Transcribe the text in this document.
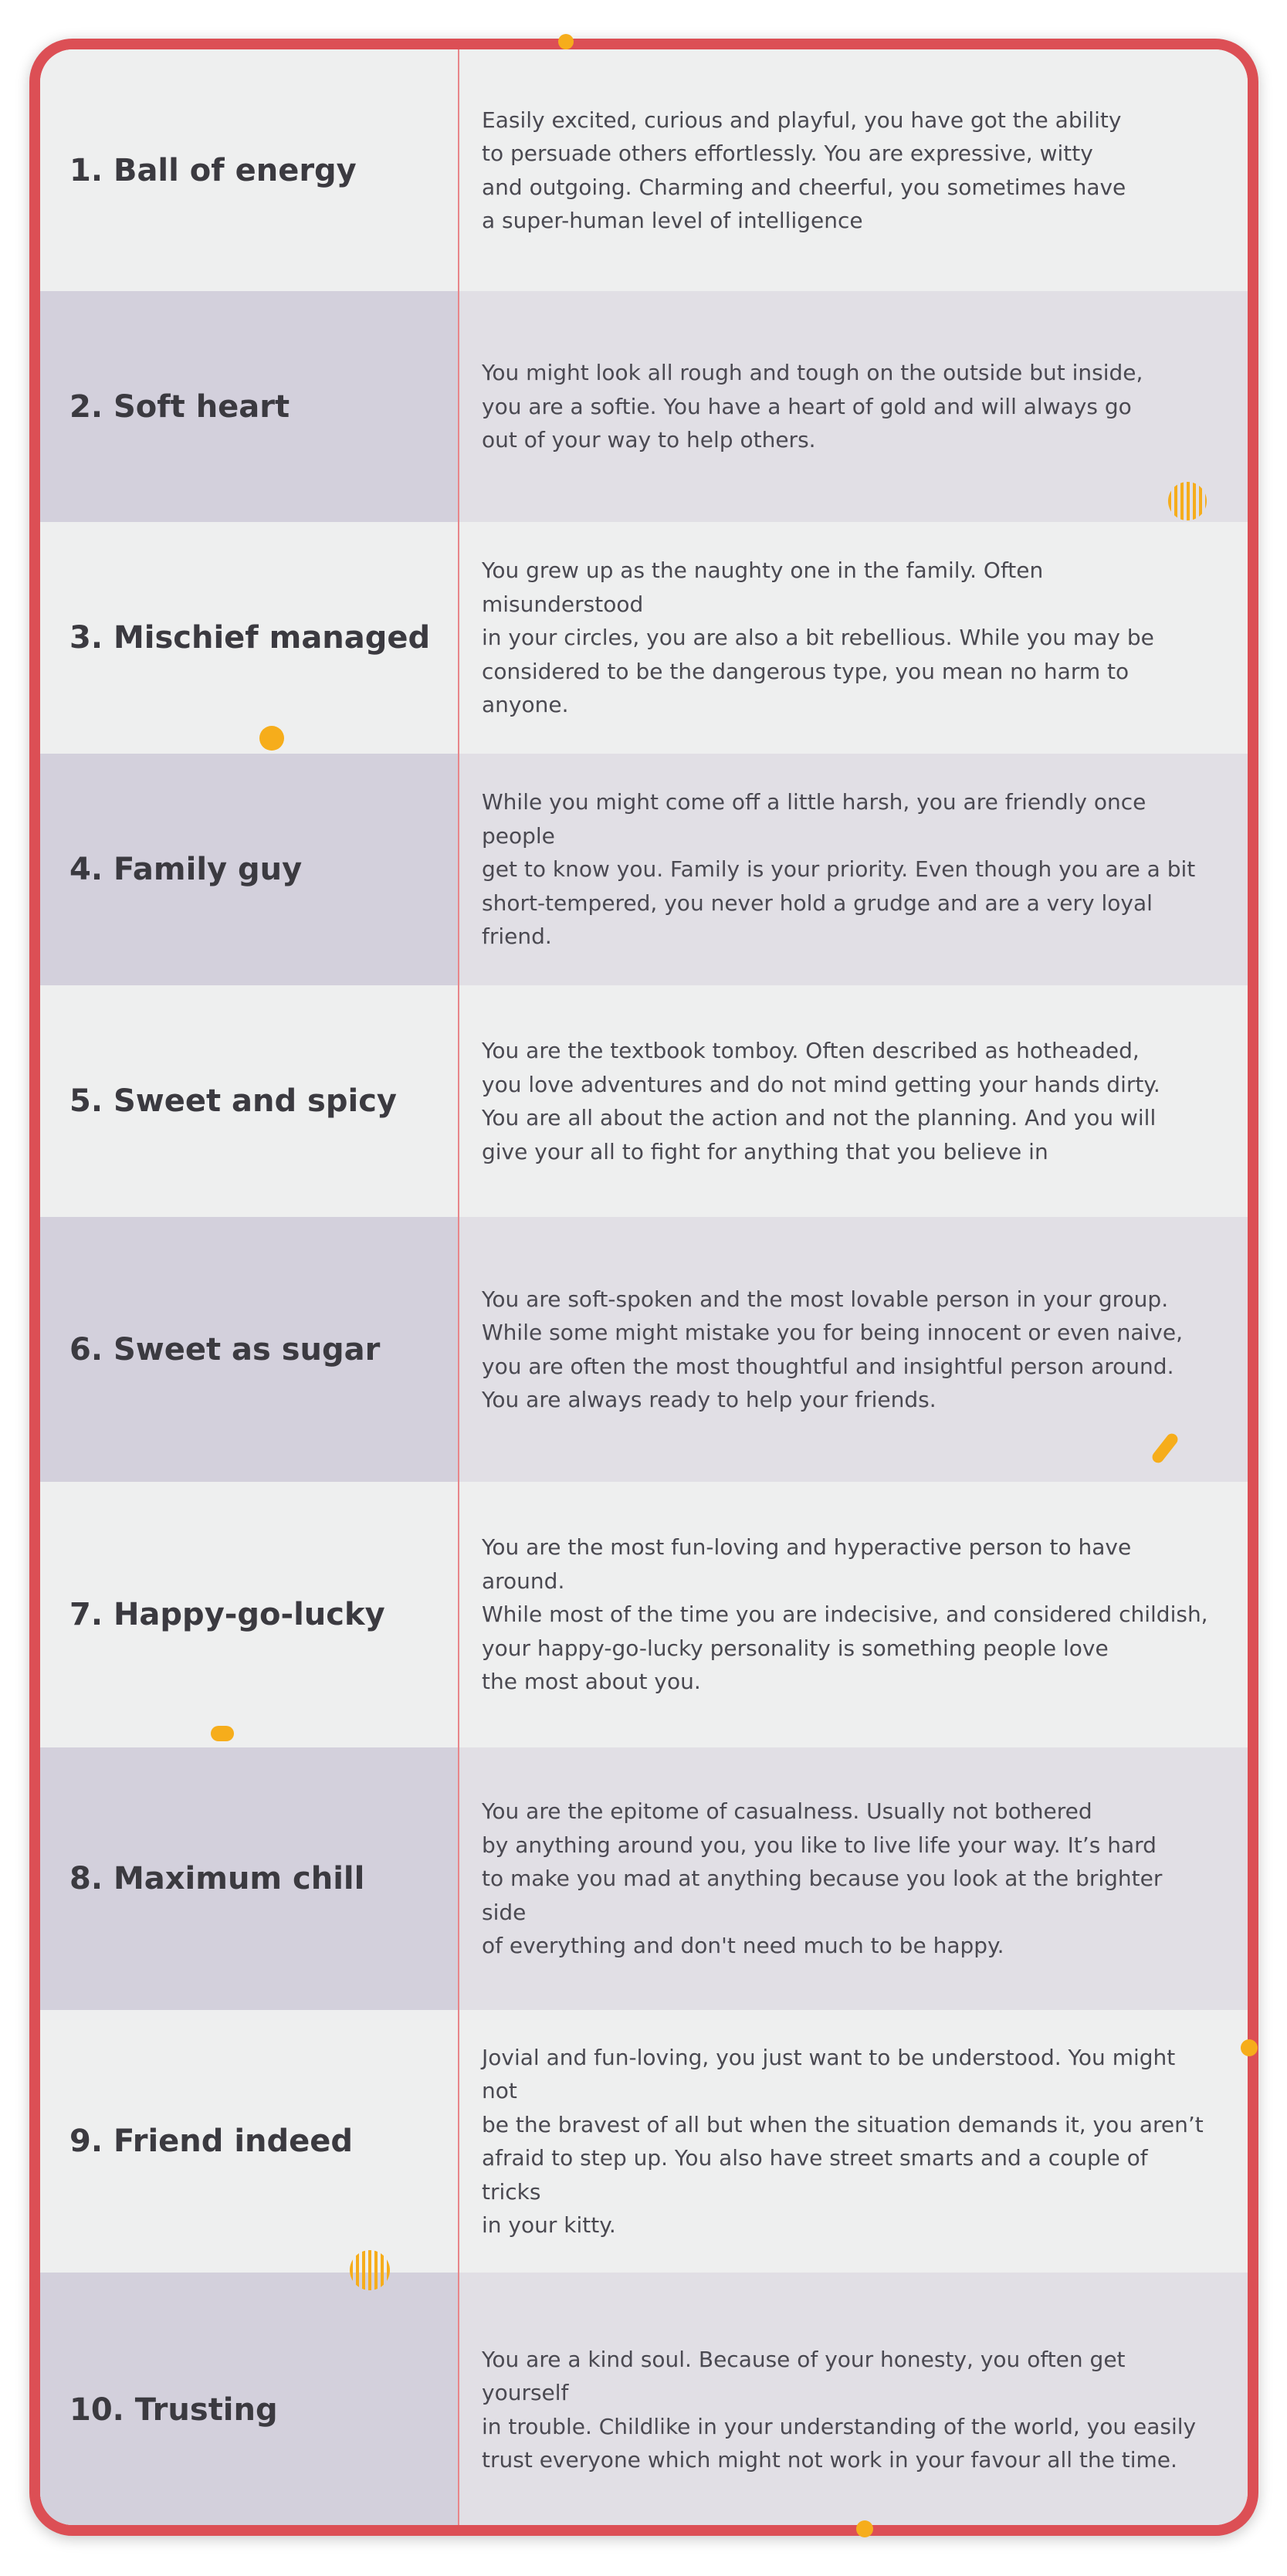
1. Ball of energy
Easily excited, curious and playful, you have got the ability
to persuade others effortlessly. You are expressive, witty
and outgoing. Charming and cheerful, you sometimes have
a super-human level of intelligence
2. Soft heart
You might look all rough and tough on the outside but inside,
you are a softie. You have a heart of gold and will always go
out of your way to help others.
3. Mischief managed
You grew up as the naughty one in the family. Often misunderstood
in your circles, you are also a bit rebellious. While you may be
considered to be the dangerous type, you mean no harm to anyone.
4. Family guy
While you might come off a little harsh, you are friendly once people
get to know you. Family is your priority. Even though you are a bit
short-tempered, you never hold a grudge and are a very loyal friend.
5. Sweet and spicy
You are the textbook tomboy. Often described as hotheaded,
you love adventures and do not mind getting your hands dirty.
You are all about the action and not the planning. And you will
give your all to fight for anything that you believe in
6. Sweet as sugar
You are soft-spoken and the most lovable person in your group.
While some might mistake you for being innocent or even naive,
you are often the most thoughtful and insightful person around.
You are always ready to help your friends.
7. Happy-go-lucky
You are the most fun-loving and hyperactive person to have around.
While most of the time you are indecisive, and considered childish,
your happy-go-lucky personality is something people love
the most about you.
8. Maximum chill
You are the epitome of casualness. Usually not bothered
by anything around you, you like to live life your way. It’s hard
to make you mad at anything because you look at the brighter side
of everything and don't need much to be happy.
9. Friend indeed
Jovial and fun-loving, you just want to be understood. You might not
be the bravest of all but when the situation demands it, you aren’t
afraid to step up. You also have street smarts and a couple of tricks
in your kitty.
10. Trusting
You are a kind soul. Because of your honesty, you often get yourself
in trouble. Childlike in your understanding of the world, you easily
trust everyone which might not work in your favour all the time.
